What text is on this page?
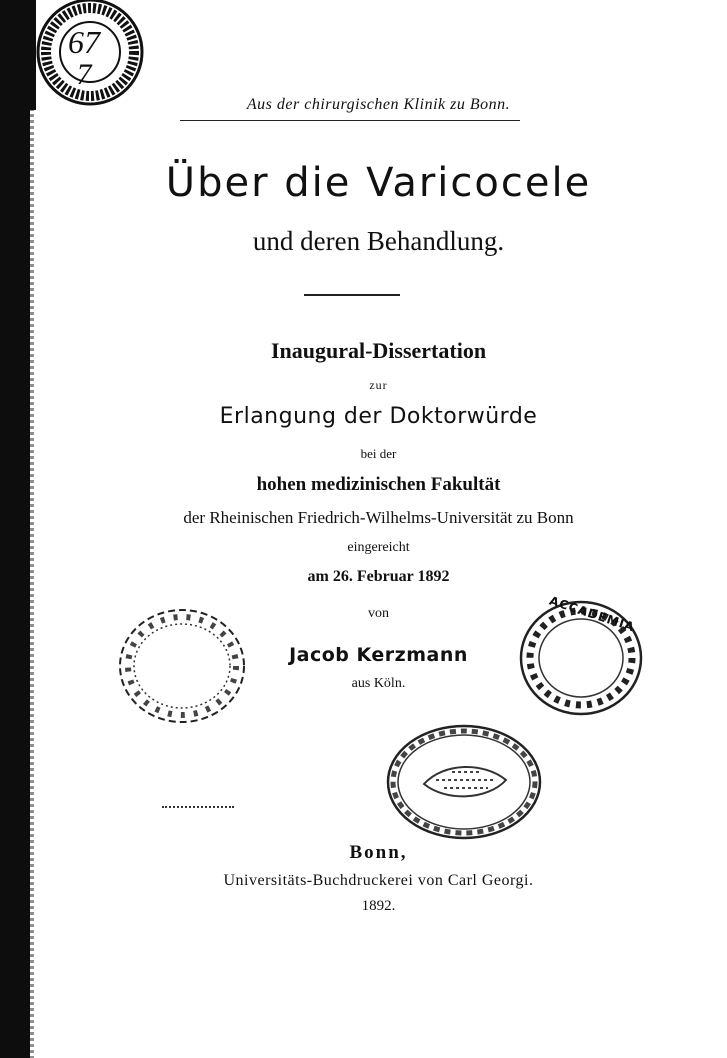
67
7
Aus der chirurgischen Klinik zu Bonn.
Über die Varicocele
und deren Behandlung.
Inaugural-Dissertation
zur
Erlangung der Doktorwürde
bei der
hohen medizinischen Fakultät
der Rheinischen Friedrich-Wilhelms-Universität zu Bonn
eingereicht
am 26. Februar 1892
von
Jacob Kerzmann
aus Köln.
ACCADEMIA
Bonn,
Universitäts-Buchdruckerei von Carl Georgi.
1892.
